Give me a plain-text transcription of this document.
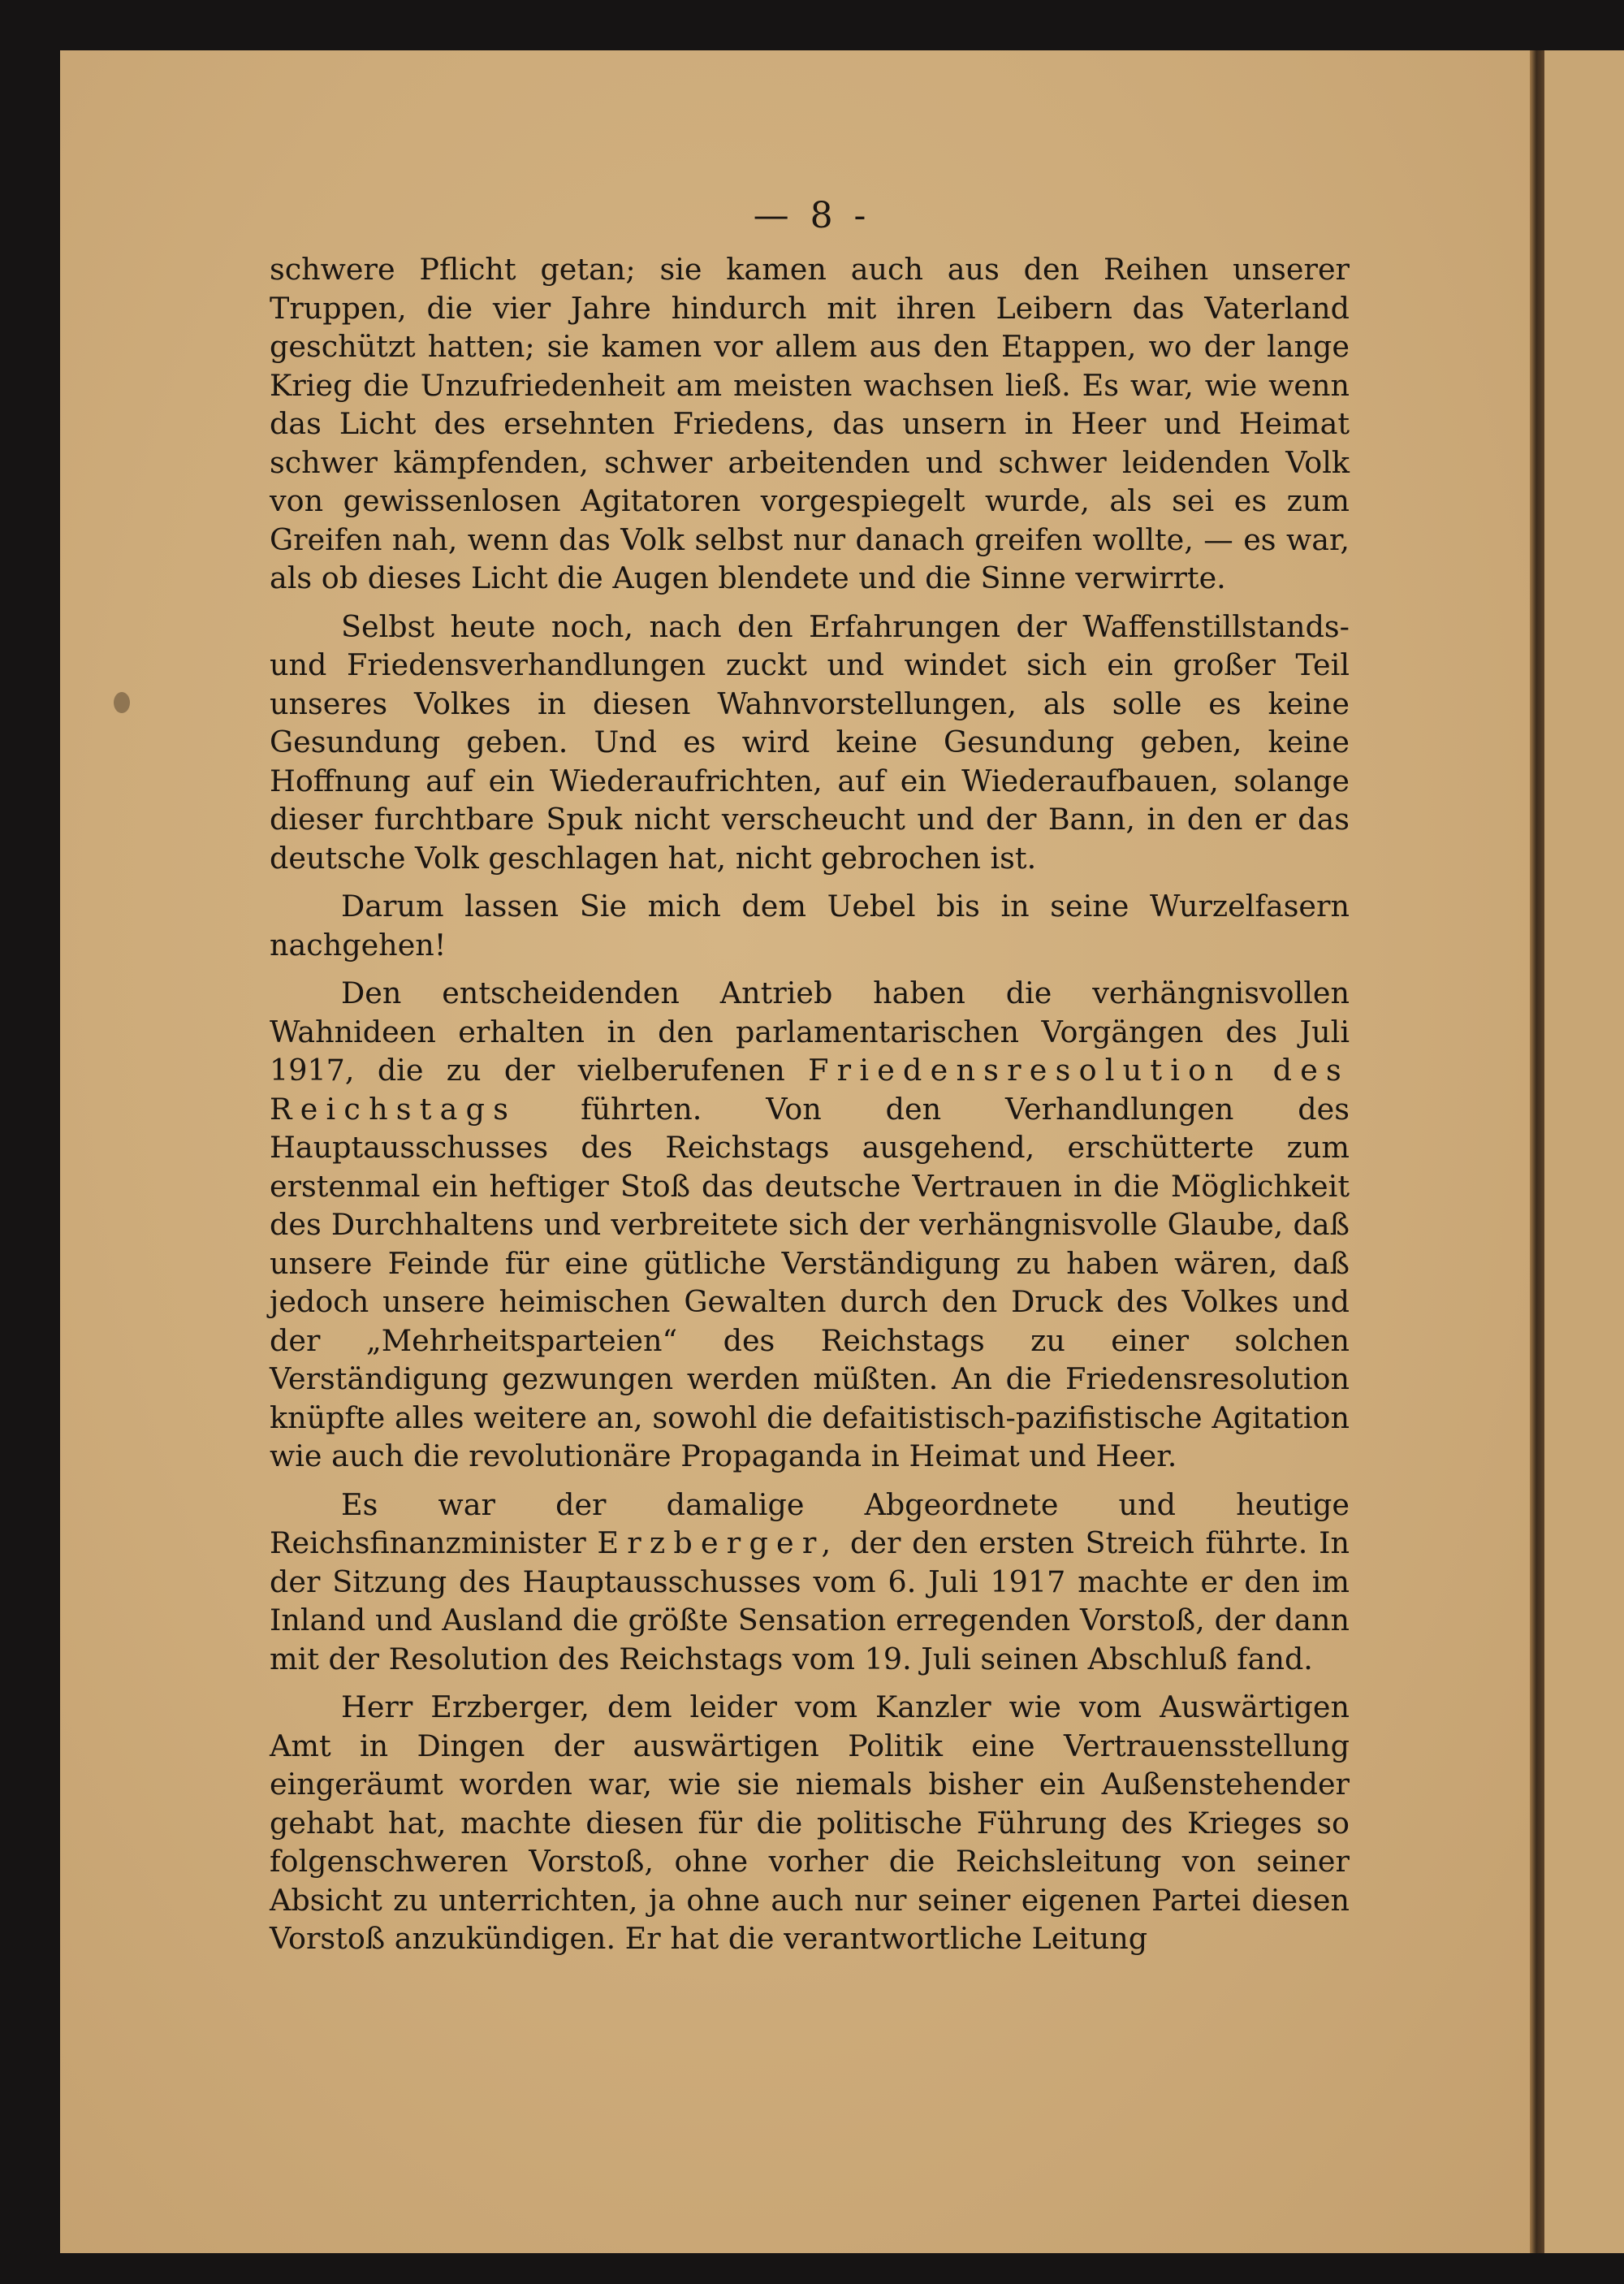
— 8 -

schwere Pflicht getan; sie kamen auch aus den Reihen unserer Truppen, die vier Jahre hindurch mit ihren Leibern das Vaterland geschützt hatten; sie kamen vor allem aus den Etappen, wo der lange Krieg die Unzufriedenheit am meisten wachsen ließ. Es war, wie wenn das Licht des ersehnten Friedens, das unsern in Heer und Heimat schwer kämpfenden, schwer arbeitenden und schwer leidenden Volk von gewissenlosen Agitatoren vorgespiegelt wurde, als sei es zum Greifen nah, wenn das Volk selbst nur danach greifen wollte, — es war, als ob dieses Licht die Augen blendete und die Sinne verwirrte.

Selbst heute noch, nach den Erfahrungen der Waffenstillstands- und Friedensverhandlungen zuckt und windet sich ein großer Teil unseres Volkes in diesen Wahnvorstellungen, als solle es keine Gesundung geben. Und es wird keine Gesundung geben, keine Hoffnung auf ein Wiederaufrichten, auf ein Wiederaufbauen, solange dieser furchtbare Spuk nicht verscheucht und der Bann, in den er das deutsche Volk geschlagen hat, nicht gebrochen ist.

Darum lassen Sie mich dem Uebel bis in seine Wurzelfasern nachgehen!

Den entscheidenden Antrieb haben die verhängnisvollen Wahnideen erhalten in den parlamentarischen Vorgängen des Juli 1917, die zu der vielberufenen Friedensresolution des Reichstags führten. Von den Verhandlungen des Hauptausschusses des Reichstags ausgehend, erschütterte zum erstenmal ein heftiger Stoß das deutsche Vertrauen in die Möglichkeit des Durchhaltens und verbreitete sich der verhängnisvolle Glaube, daß unsere Feinde für eine gütliche Verständigung zu haben wären, daß jedoch unsere heimischen Gewalten durch den Druck des Volkes und der „Mehrheitsparteien“ des Reichstags zu einer solchen Verständigung gezwungen werden müßten. An die Friedensresolution knüpfte alles weitere an, sowohl die defaitistisch-pazifistische Agitation wie auch die revolutionäre Propaganda in Heimat und Heer.

Es war der damalige Abgeordnete und heutige Reichsfinanzminister Erzberger, der den ersten Streich führte. In der Sitzung des Hauptausschusses vom 6. Juli 1917 machte er den im Inland und Ausland die größte Sensation erregenden Vorstoß, der dann mit der Resolution des Reichstags vom 19. Juli seinen Abschluß fand.

Herr Erzberger, dem leider vom Kanzler wie vom Auswärtigen Amt in Dingen der auswärtigen Politik eine Vertrauensstellung eingeräumt worden war, wie sie niemals bisher ein Außenstehender gehabt hat, machte diesen für die politische Führung des Krieges so folgenschweren Vorstoß, ohne vorher die Reichsleitung von seiner Absicht zu unterrichten, ja ohne auch nur seiner eigenen Partei diesen Vorstoß anzukündigen. Er hat die verantwortliche Leitung
